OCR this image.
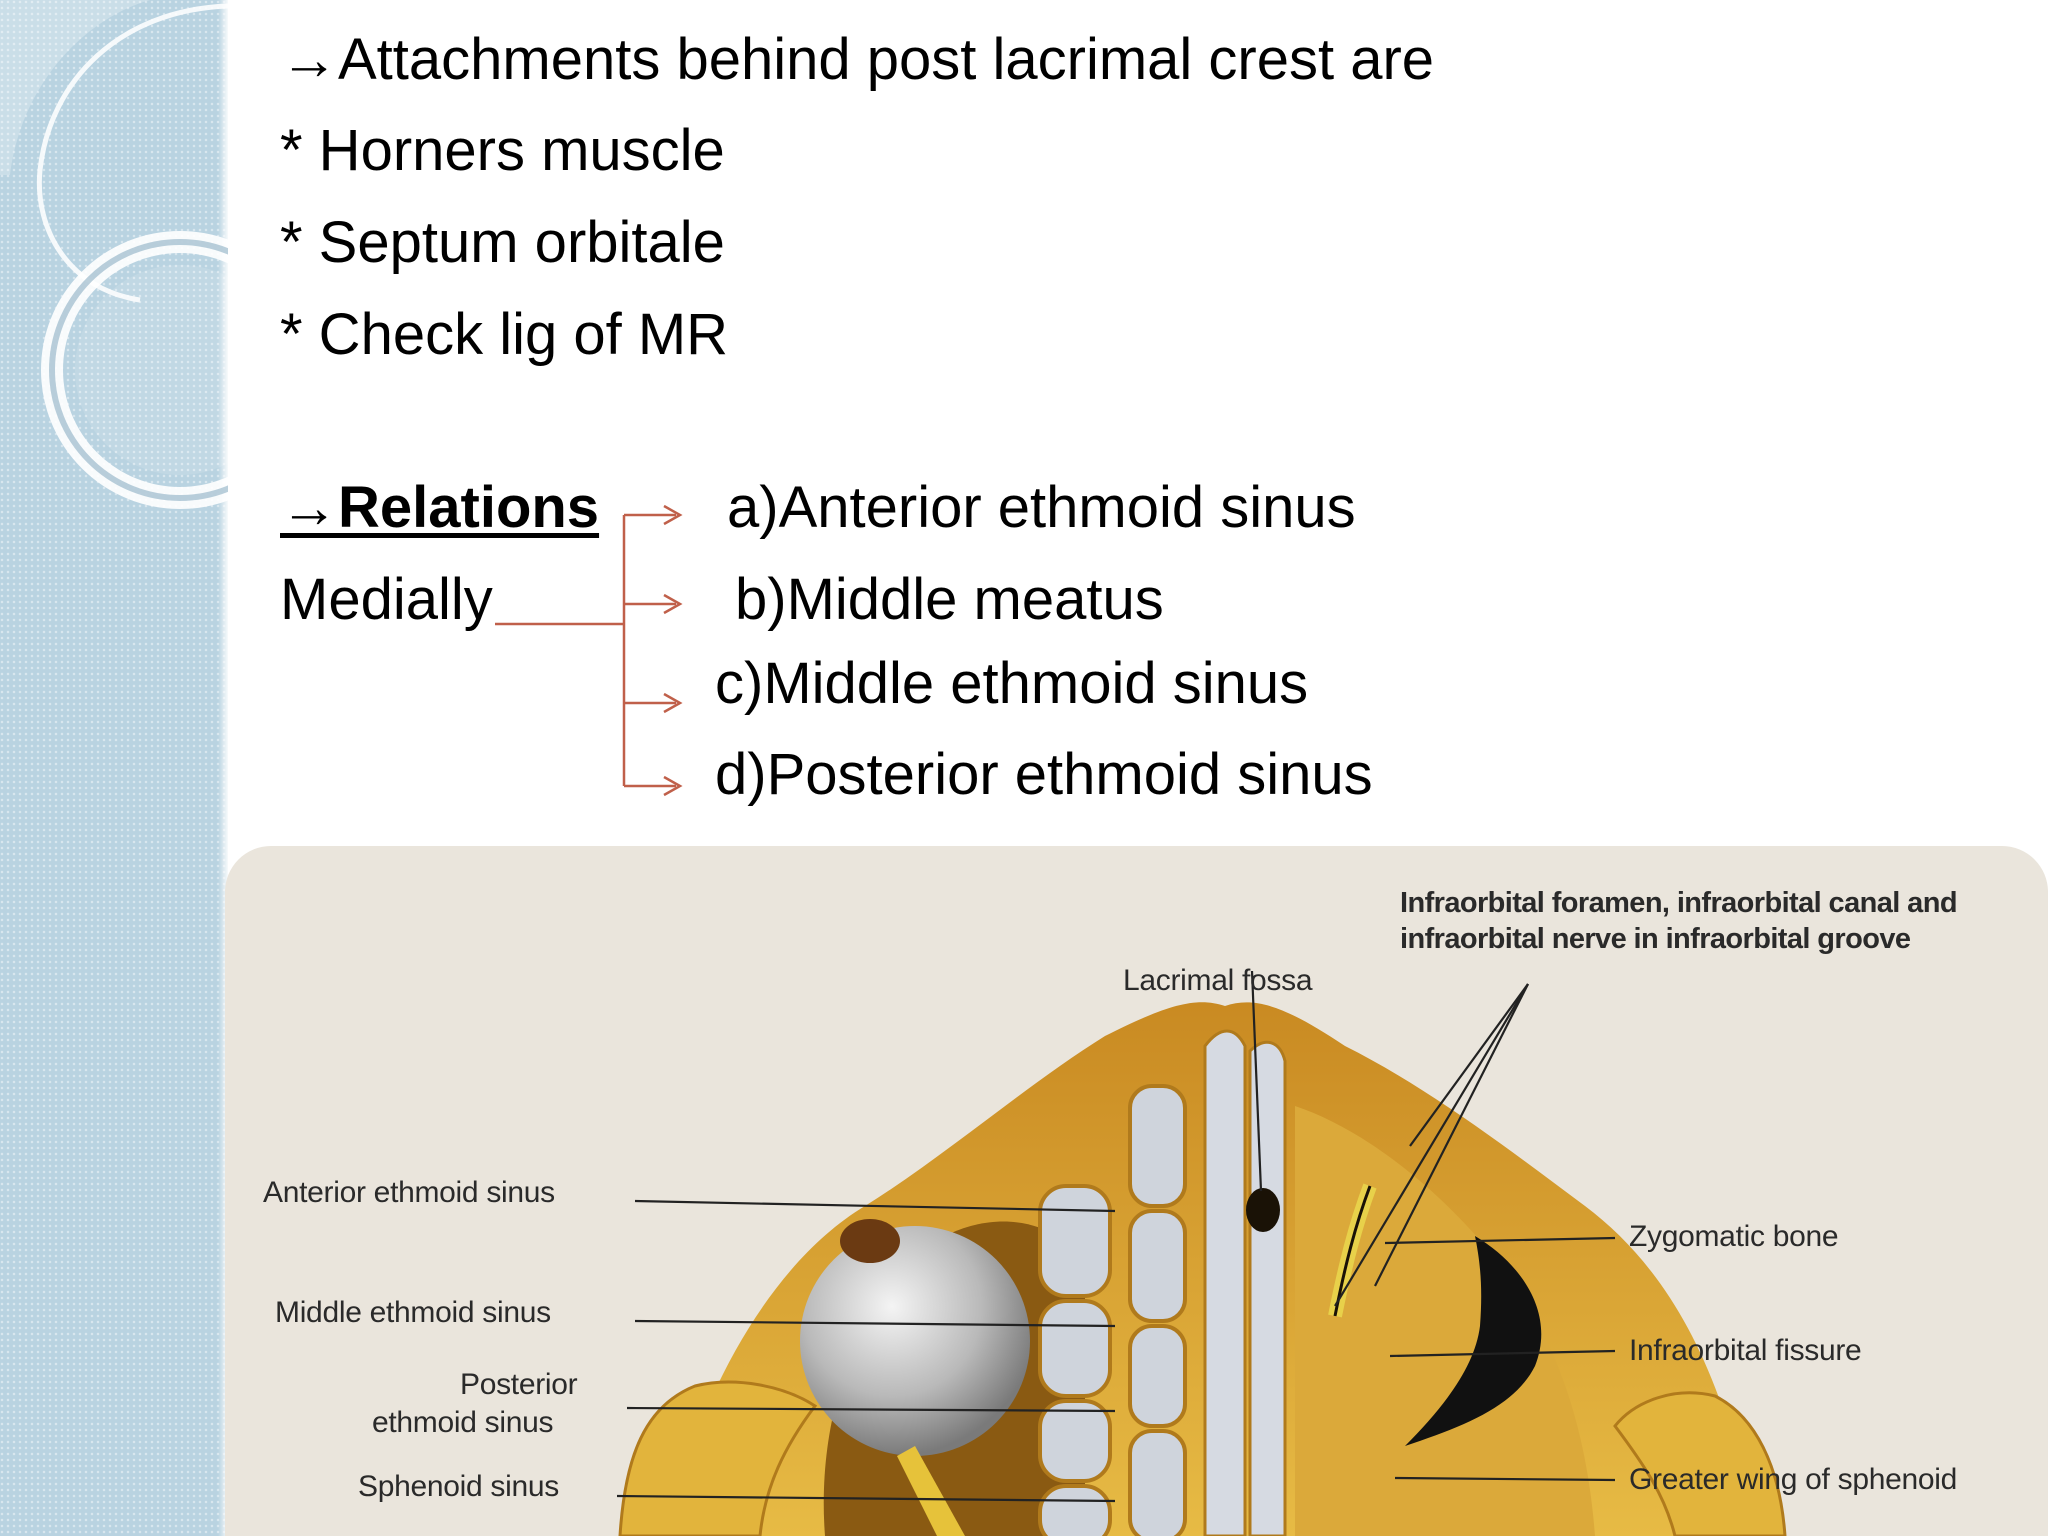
→Attachments behind post lacrimal crest are
* Horners muscle
* Septum orbitale
* Check lig of MR
→Relations
Medially
a)Anterior ethmoid sinus
b)Middle meatus
c)Middle ethmoid sinus
d)Posterior ethmoid sinus
Infraorbital foramen, infraorbital canal and
infraorbital nerve in infraorbital groove
Lacrimal fossa
Anterior ethmoid sinus
Middle ethmoid sinus
Posterior
ethmoid sinus
Sphenoid sinus
Zygomatic bone
Infraorbital fissure
Greater wing of sphenoid
